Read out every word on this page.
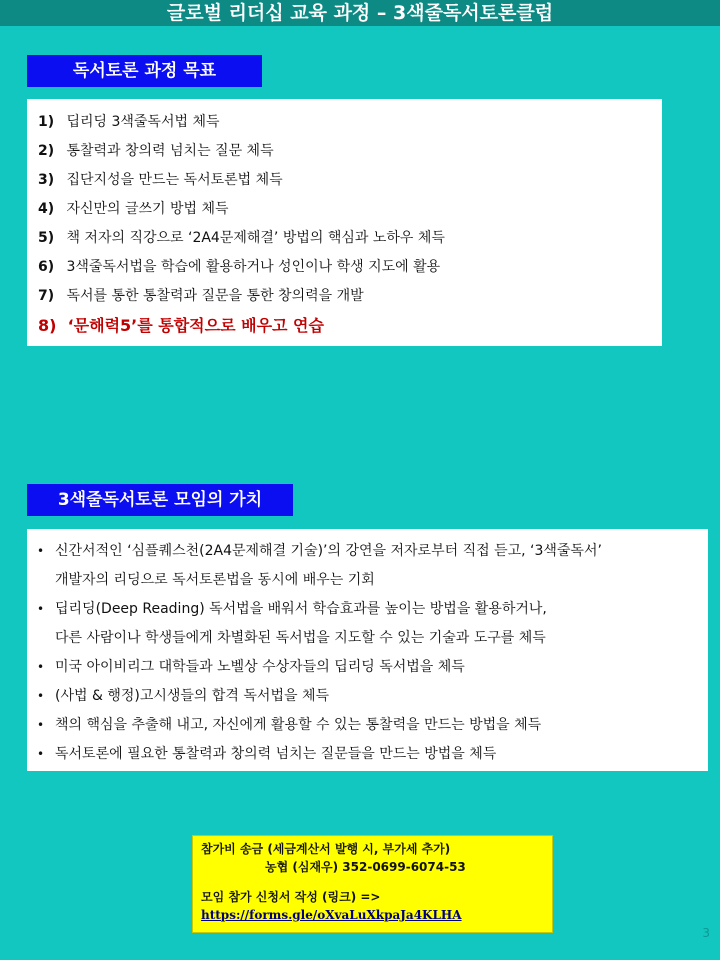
글로벌 리더십 교육 과정 – 3색줄독서토론클럽
독서토론 과정 목표
1) 딥리딩 3색줄독서법 체득
2) 통찰력과 창의력 넘치는 질문 체득
3) 집단지성을 만드는 독서토론법 체득
4) 자신만의 글쓰기 방법 체득
5) 책 저자의 직강으로 ‘2A4문제해결’ 방법의 핵심과 노하우 체득
6) 3색줄독서법을 학습에 활용하거나 성인이나 학생 지도에 활용
7) 독서를 통한 통찰력과 질문을 통한 창의력을 개발
8) ‘문해력5’를 통합적으로 배우고 연습
3색줄독서토론 모임의 가치
• 신간서적인 ‘심플퀘스천(2A4문제해결 기술)’의 강연을 저자로부터 직접 듣고, ‘3색줄독서’
개발자의 리딩으로 독서토론법을 동시에 배우는 기회
• 딥리딩(Deep Reading) 독서법을 배워서 학습효과를 높이는 방법을 활용하거나,
다른 사람이나 학생들에게 차별화된 독서법을 지도할 수 있는 기술과 도구를 체득
• 미국 아이비리그 대학들과 노벨상 수상자들의 딥리딩 독서법을 체득
• (사법 & 행정)고시생들의 합격 독서법을 체득
• 책의 핵심을 추출해 내고, 자신에게 활용할 수 있는 통찰력을 만드는 방법을 체득
• 독서토론에 필요한 통찰력과 창의력 넘치는 질문들을 만드는 방법을 체득
참가비 송금 (세금계산서 발행 시, 부가세 추가)
농협 (심재우) 352-0699-6074-53
모임 참가 신청서 작성 (링크) =>
https://forms.gle/oXvaLuXkpaJa4KLHA
3
